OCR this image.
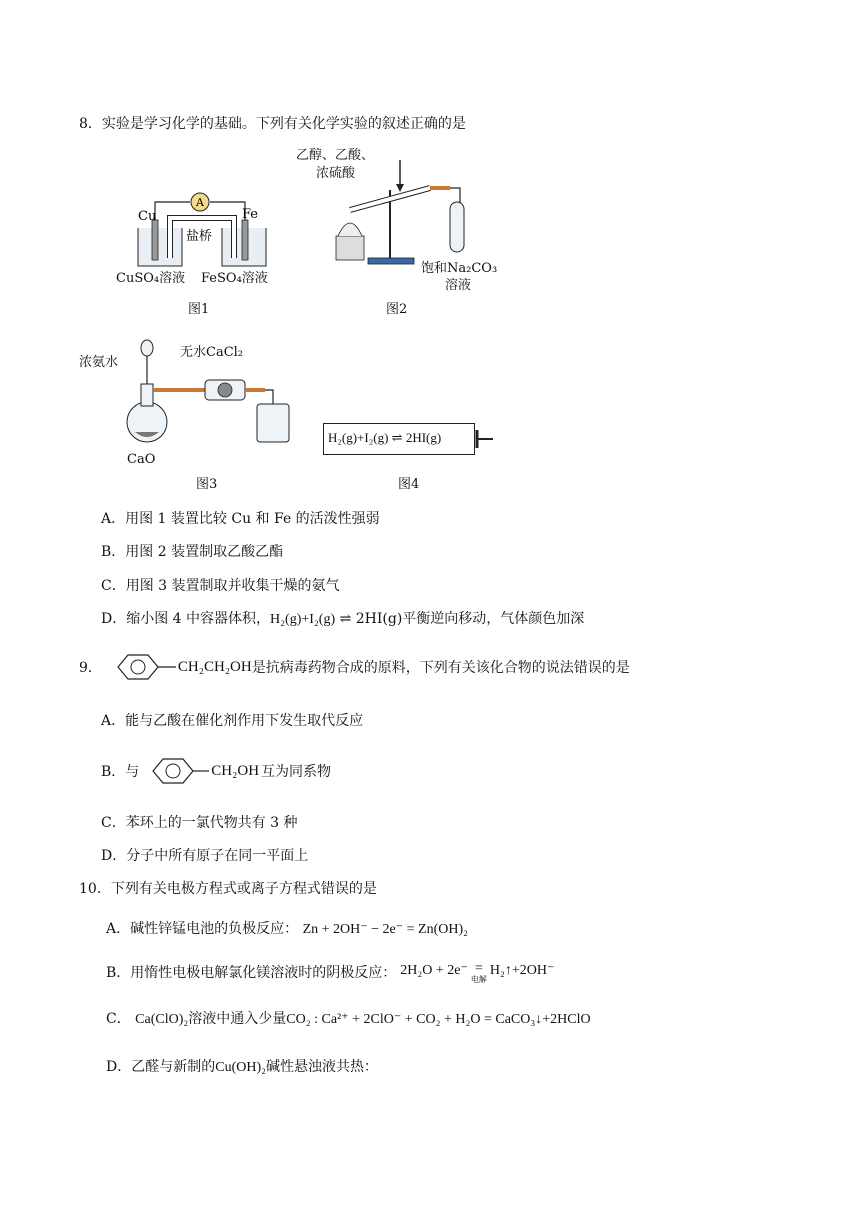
8．实验是学习化学的基础。下列有关化学实验的叙述正确的是
A
Cu	Fe
盐桥
CuSO₄溶液 FeSO₄溶液
图1
乙醇、乙酸、
浓硫酸
饱和Na₂CO₃
溶液
图2
浓氨水
无水CaCl₂
CaO
图3
H₂(g)+I₂(g) ⇌ 2HI(g)
图4
A．用图 1 装置比较 Cu 和 Fe 的活泼性强弱
B．用图 2 装置制取乙酸乙酯
C．用图 3 装置制取并收集干燥的氨气
D．缩小图 4 中容器体积，H₂(g)+I₂(g) ⇌ 2HI(g)平衡逆向移动，气体颜色加深
9．	CH₂CH₂OH 是抗病毒药物合成的原料，下列有关该化合物的说法错误的是
A．能与乙酸在催化剂作用下发生取代反应
B．与	CH₂OH 互为同系物
C．苯环上的一氯代物共有 3 种
D．分子中所有原子在同一平面上
10．下列有关电极方程式或离子方程式错误的是
A．碱性锌锰电池的负极反应： Zn + 2OH⁻ − 2e⁻ = Zn(OH)₂
B．用惰性电极电解氯化镁溶液时的阴极反应： 2H₂O + 2e⁻ =
电解
H₂↑+2OH⁻
C． Ca(ClO)₂溶液中通入少量CO₂ : Ca²⁺ + 2ClO⁻ + CO₂ + H₂O = CaCO₃↓+2HClO
D．乙醛与新制的Cu(OH)₂碱性悬浊液共热：
